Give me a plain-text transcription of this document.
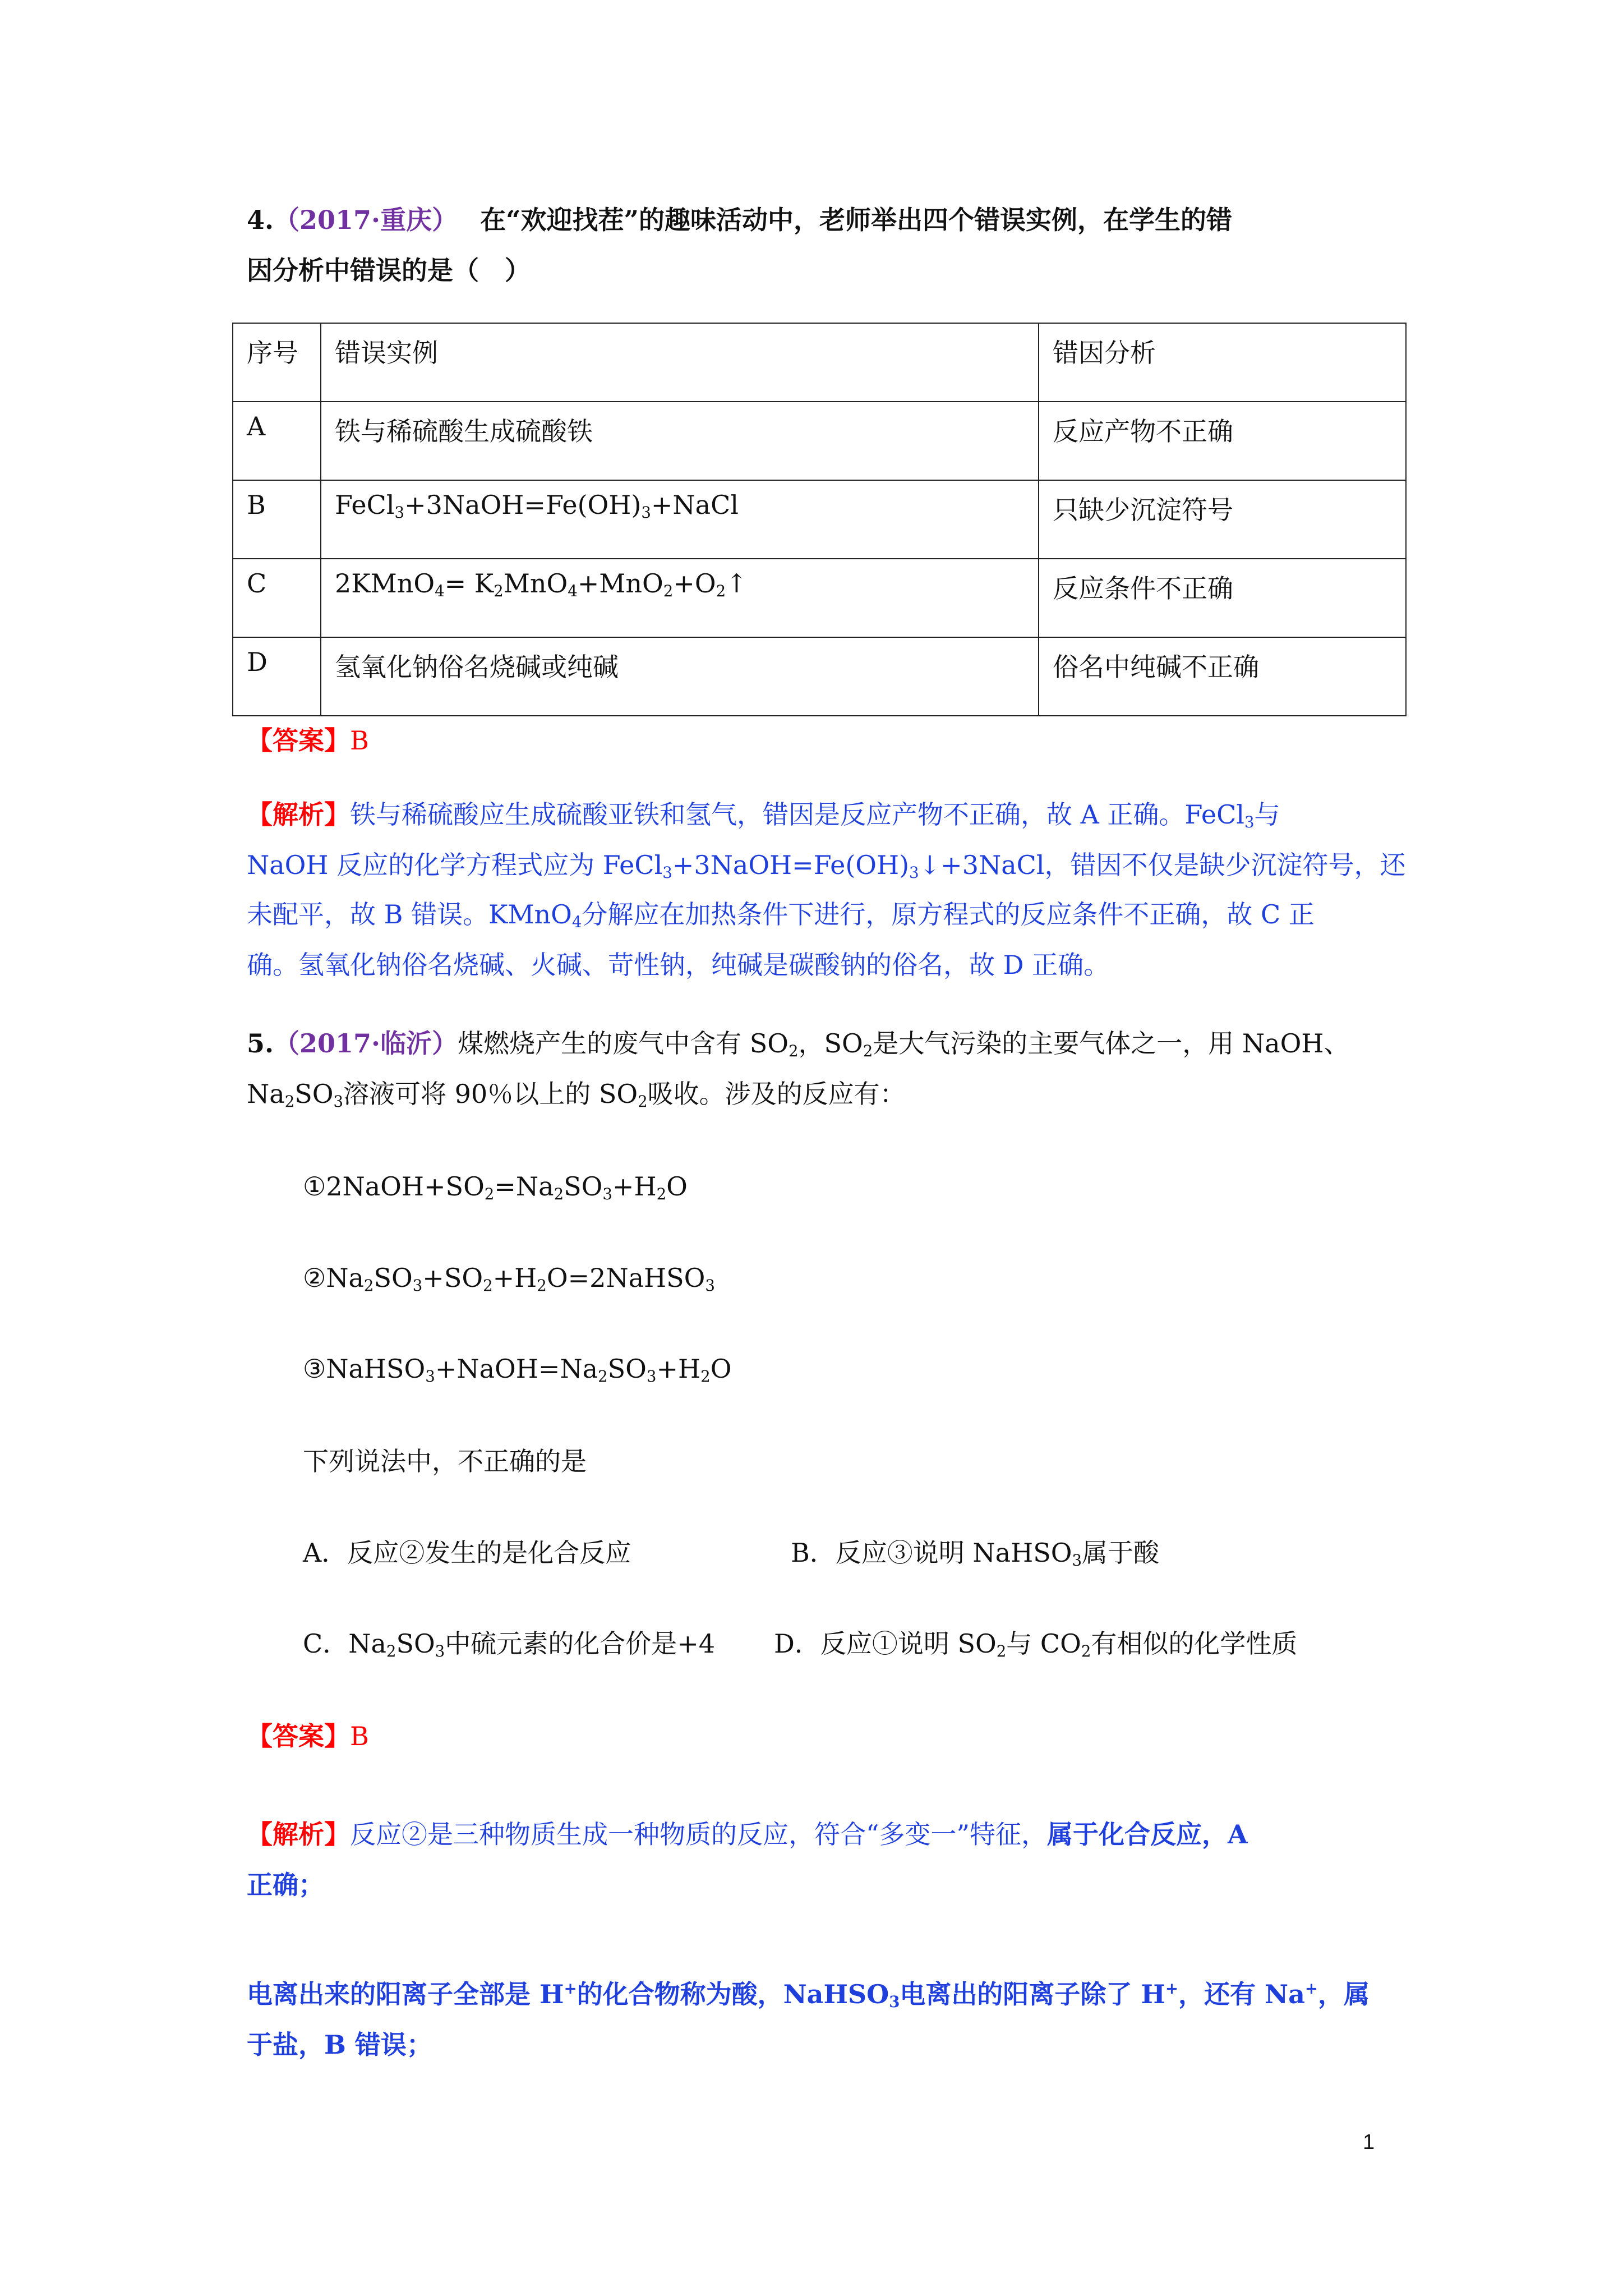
4.（2017·重庆） 在“欢迎找茬”的趣味活动中，老师举出四个错误实例，在学生的错
因分析中错误的是（　）
序号	错误实例	错因分析
A	铁与稀硫酸生成硫酸铁	反应产物不正确
B	$FeCl_3+3NaOH=Fe(OH)_3+NaCl$	只缺少沉淀符号
C	2KMnO$_4$= $K_2MnO_4+MnO_2+O_2↑$	反应条件不正确
D	氢氧化钠俗名烧碱或纯碱	俗名中纯碱不正确
【答案】B
【解析】铁与稀硫酸应生成硫酸亚铁和氢气，错因是反应产物不正确，故 A 正确。FeCl$_3$与
NaOH 反应的化学方程式应为 $FeCl_3+3NaOH=Fe(OH)_3↓+3NaCl$，错因不仅是缺少沉淀符号，还
未配平，故 B 错误。KMnO$_4$分解应在加热条件下进行，原方程式的反应条件不正确，故 C 正
确。氢氧化钠俗名烧碱、火碱、苛性钠，纯碱是碳酸钠的俗名，故 D 正确。
5.（2017·临沂）煤燃烧产生的废气中含有 $SO_2$，$SO_2$是大气污染的主要气体之一，用 NaOH、
$Na_2SO_3$溶液可将 90％以上的 $SO_2$吸收。涉及的反应有：
$①2NaOH+SO_2=Na_2SO_3+H_2O$
$②Na_2SO_3+SO_2+H_2O=2NaHSO_3$
$③NaHSO_3+NaOH=Na_2SO_3+H_2O$
下列说法中，不正确的是
A．反应②发生的是化合反应	B．反应③说明 NaHSO$_3$属于酸
C．$Na_2SO_3$中硫元素的化合价是+4 D．反应①说明 $SO_2$与 $CO_2$有相似的化学性质
【答案】B
【解析】反应②是三种物质生成一种物质的反应，符合“多变一”特征，属于化合反应，A
正确；
电离出来的阳离子全部是 H+的化合物称为酸，NaHSO$_3$电离出的阳离子除了 H+，还有 Na+，属
于盐，B 错误；
1
